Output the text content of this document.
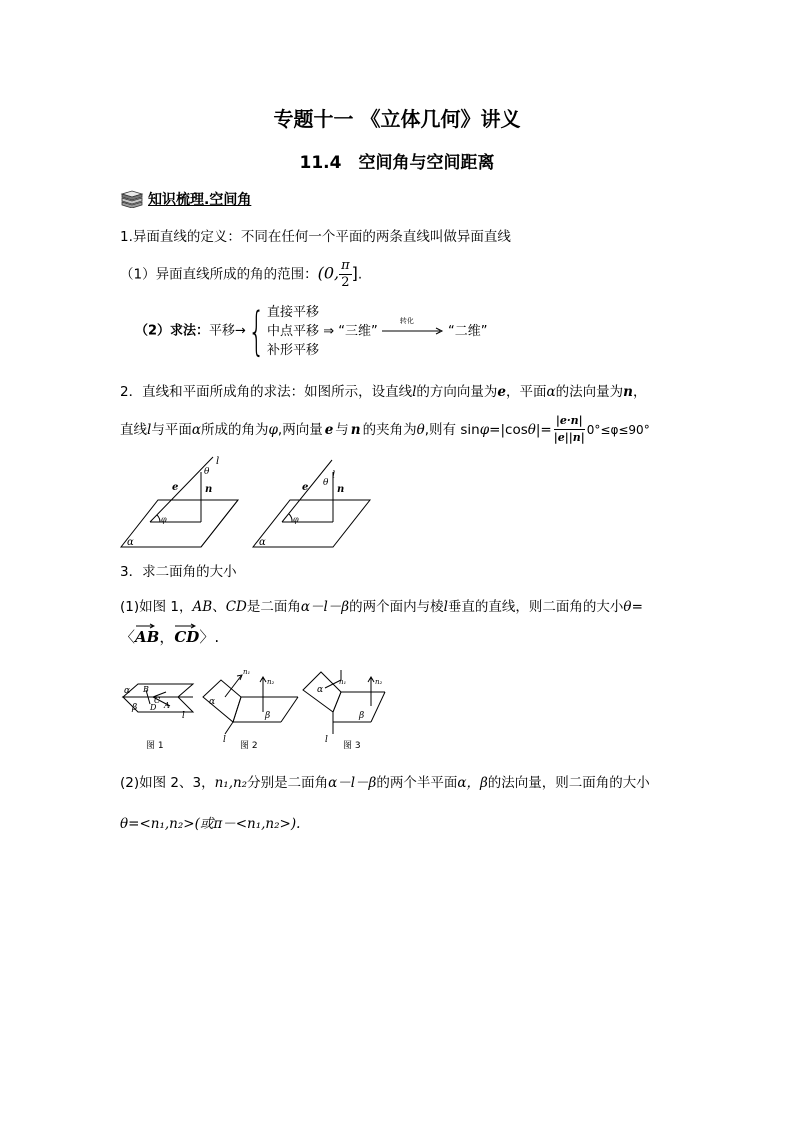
专题十一 《立体几何》讲义
11.4　空间角与空间距离
知识梳理.空间角
1.异面直线的定义：不同在任何一个平面的两条直线叫做异面直线
（1）异面直线所成的角的范围：(0, $\frac{\pi}{2}$ ].
（2）求法：平移→{ 直接平移
中点平移 ⇒ “三维”
转化
“二维”
补形平移
2．直线和平面所成角的求法：如图所示，设直线l的方向向量为e，平面α的法向量为n，
直线 l 与平面 α 所成的角为 φ ,两向量 e 与 n 的夹角为 θ ,则有 sin φ =|cos θ |= $\frac{|e\cdot n|}{|e||n|} 0^\circ\le\varphi\le 90^\circ$
l
θ
e	n
φ
α
l
θ
e	n
φ
α
3．求二面角的大小
(1)如图 1，AB、CD是二面角α－l－β的两个面内与棱l垂直的直线，则二面角的大小θ=
〈
AB，
CD〉.
α
β
B
C
D A
l
图 1
n₁
n₂
α
β
l
图 2
n₁	n₂
α
β
l
图 3
(2)如图 2、3，n₁,n₂分别是二面角α－l－β的两个半平面α，β的法向量，则二面角的大小
θ=<n₁,n₂>(或π－<n₁,n₂>).
